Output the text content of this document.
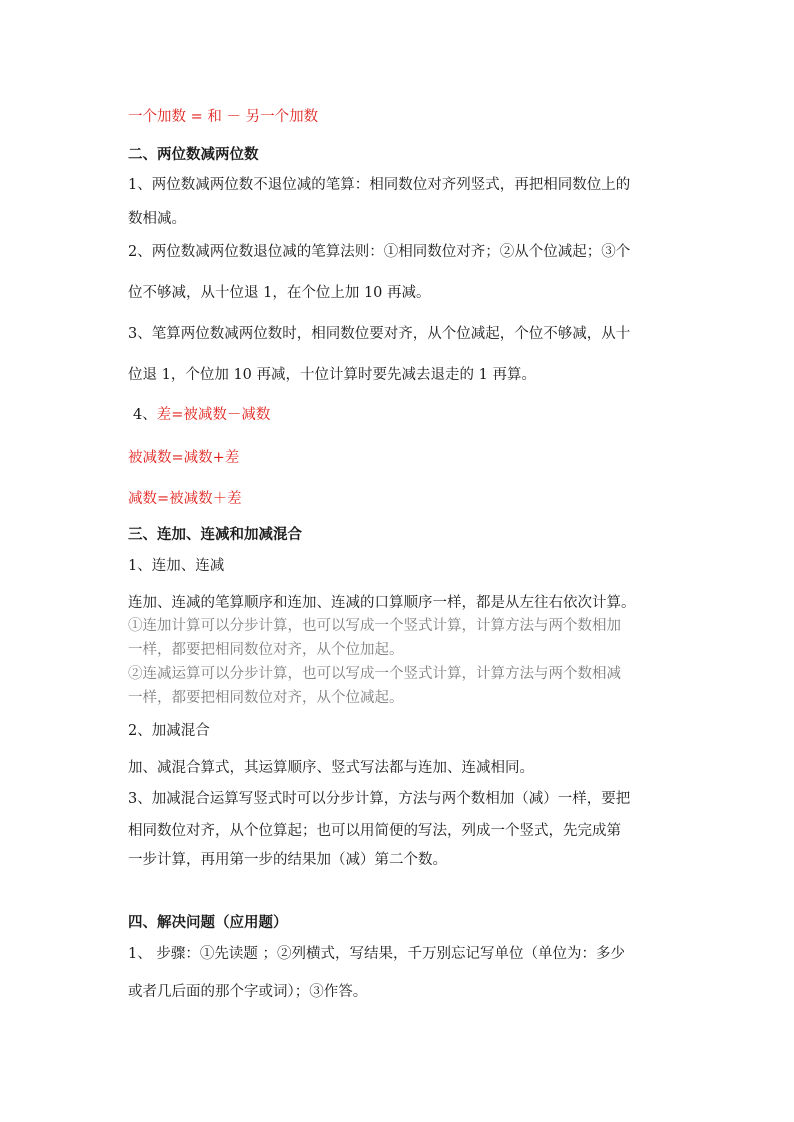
一个加数 = 和 － 另一个加数
二、两位数减两位数
1、两位数减两位数不退位减的笔算：相同数位对齐列竖式，再把相同数位上的
数相减。
2、两位数减两位数退位减的笔算法则：①相同数位对齐；②从个位减起；③个
位不够减，从十位退 1，在个位上加 10 再减。
3、笔算两位数减两位数时，相同数位要对齐，从个位减起，个位不够减，从十
位退 1，个位加 10 再减，十位计算时要先减去退走的 1 再算。
4、差=被减数－减数
被减数=减数+差
减数=被减数＋差
三、连加、连减和加减混合
1、连加、连减
连加、连减的笔算顺序和连加、连减的口算顺序一样，都是从左往右依次计算。
①连加计算可以分步计算，也可以写成一个竖式计算，计算方法与两个数相加
一样，都要把相同数位对齐，从个位加起。
②连减运算可以分步计算，也可以写成一个竖式计算，计算方法与两个数相减
一样，都要把相同数位对齐，从个位减起。
2、加减混合
加、减混合算式，其运算顺序、竖式写法都与连加、连减相同。
3、加减混合运算写竖式时可以分步计算，方法与两个数相加（减）一样，要把
相同数位对齐，从个位算起；也可以用简便的写法，列成一个竖式，先完成第
一步计算，再用第一步的结果加（减）第二个数。
四、解决问题（应用题）
1、 步骤：①先读题 ；②列横式，写结果，千万别忘记写单位（单位为：多少
或者几后面的那个字或词）；③作答。
